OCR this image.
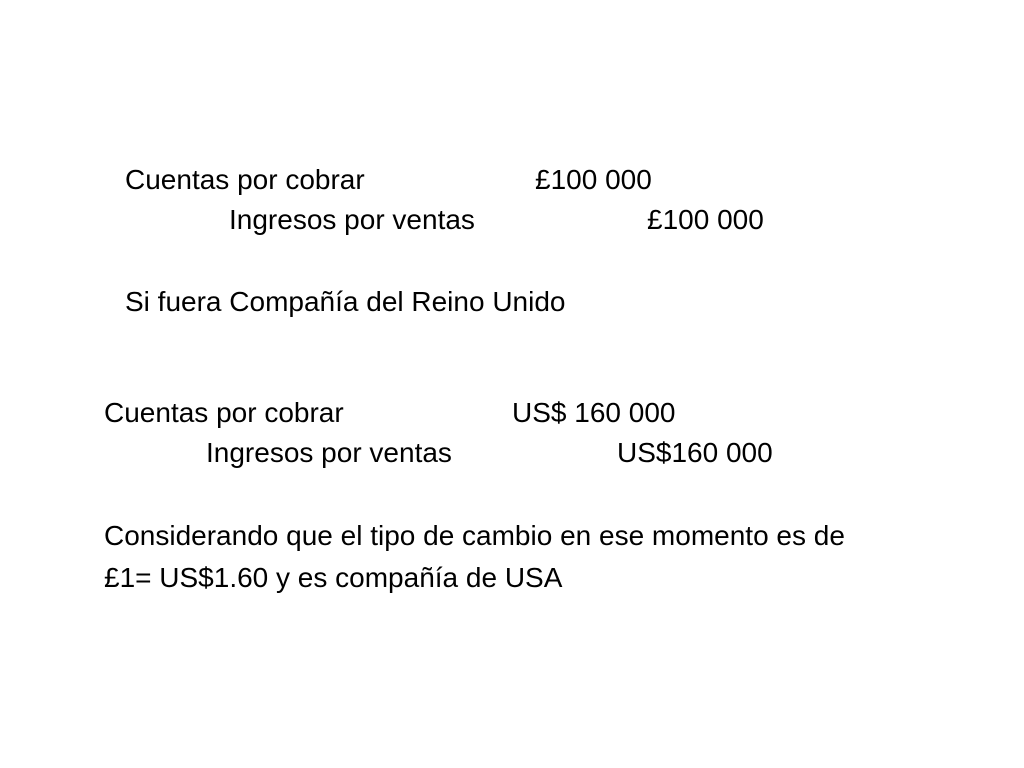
Cuentas por cobrar	£100 000
Ingresos por ventas	£100 000
Si fuera Compañía del Reino Unido
Cuentas por cobrar	US$ 160 000
Ingresos por ventas	US$160 000
Considerando que el tipo de cambio en ese momento es de £1= US$1.60 y es compañía de USA
